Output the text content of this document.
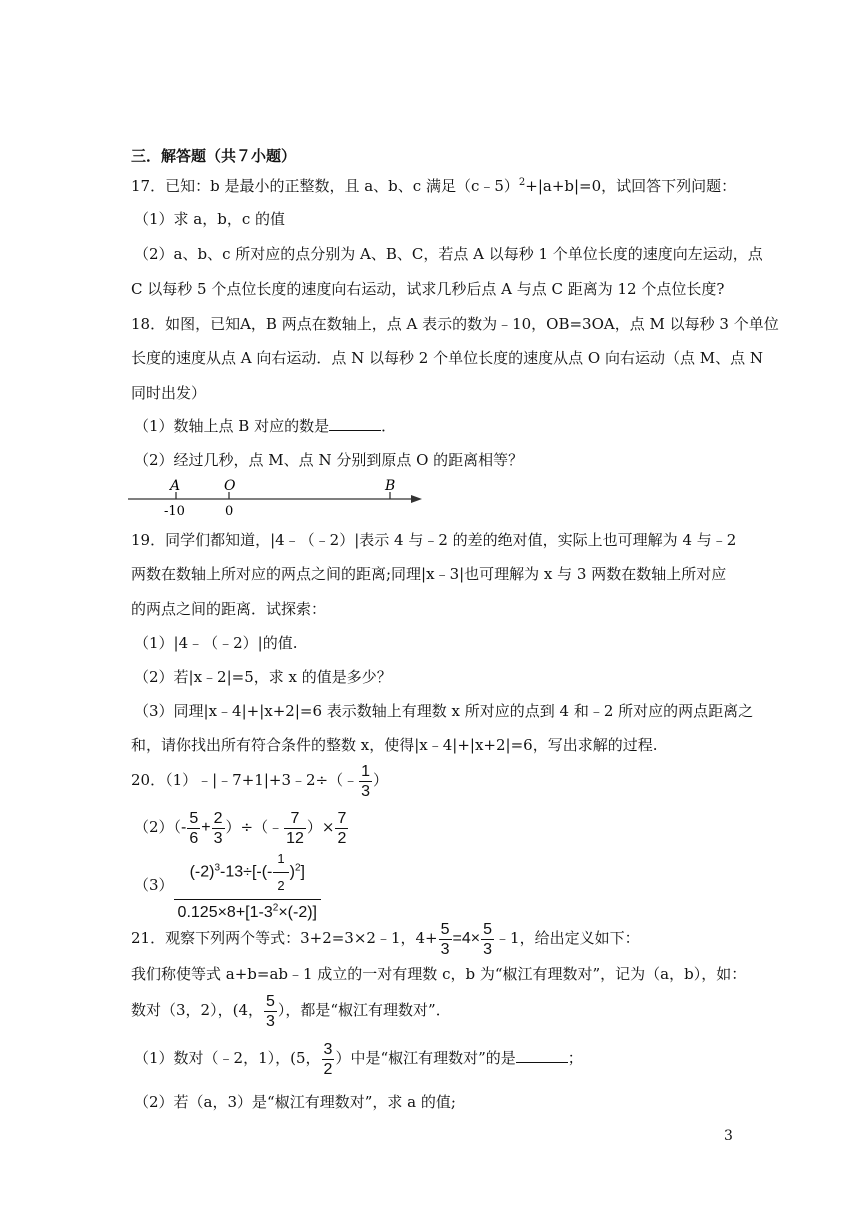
三．解答题（共７小题）
17．已知：b 是最小的正整数，且 a、b、c 满足（c﹣5）$^2$+|a+b|=0，试回答下列问题：
（1）求 a，b，c 的值
（2）a、b、c 所对应的点分别为 A、B、C，若点 A 以每秒 1 个单位长度的速度向左运动，点
C 以每秒 5 个点位长度的速度向右运动，试求几秒后点 A 与点 C 距离为 12 个点位长度?
18．如图，已知A，B 两点在数轴上，点 A 表示的数为﹣10，OB=3OA，点 M 以每秒 3 个单位
长度的速度从点 A 向右运动．点 N 以每秒 2 个单位长度的速度从点 O 向右运动（点 M、点 N
同时出发）
（1）数轴上点 B 对应的数是	．
（2）经过几秒，点 M、点 N 分别到原点 O 的距离相等？
A	O	B
-10	0
19．同学们都知道，|4﹣（﹣2）|表示 4 与﹣2 的差的绝对值，实际上也可理解为 4 与﹣2
两数在数轴上所对应的两点之间的距离;同理|x﹣3|也可理解为 x 与 3 两数在数轴上所对应
的两点之间的距离．试探索：
（1）|4﹣（﹣2）|的值.
（2）若|x﹣2|=5，求 x 的值是多少？
（3）同理|x﹣4|+|x+2|=6 表示数轴上有理数 x 所对应的点到 4 和﹣2 所对应的两点距离之
和，请你找出所有符合条件的整数 x，使得|x﹣4|+|x+2|=6，写出求解的过程.
20．（1）﹣|﹣7+1|+3﹣2÷（﹣ $\frac{1}{3}$ ）
$(2)(- \frac{5}{6} + \frac{2}{3}$ ）÷（﹣ $\frac{7}{12}$ ）× $\frac{7}{2}$
$(3) \frac{(-2)^3-13\div[-(- \frac{1}{2} )^2]}{0.125\times 8+[1-3^2\times(-2)]}$
21．观察下列两个等式：3+2=3×2﹣1，$4+ \frac{5}{3} =4\times \frac{5}{3}$ ﹣1，给出定义如下：
我们称使等式 a+b=ab﹣1 成立的一对有理数 c，b 为“椒江有理数对”，记为（a，b），如：
数对（3，2），(4， $\frac{5}{3}$ ），都是“椒江有理数对”．
（1）数对（﹣2，1），(5， $\frac{3}{2}$ ）中是“椒江有理数对”的是	；
（2）若（a，3）是“椒江有理数对”，求 a 的值;
3
